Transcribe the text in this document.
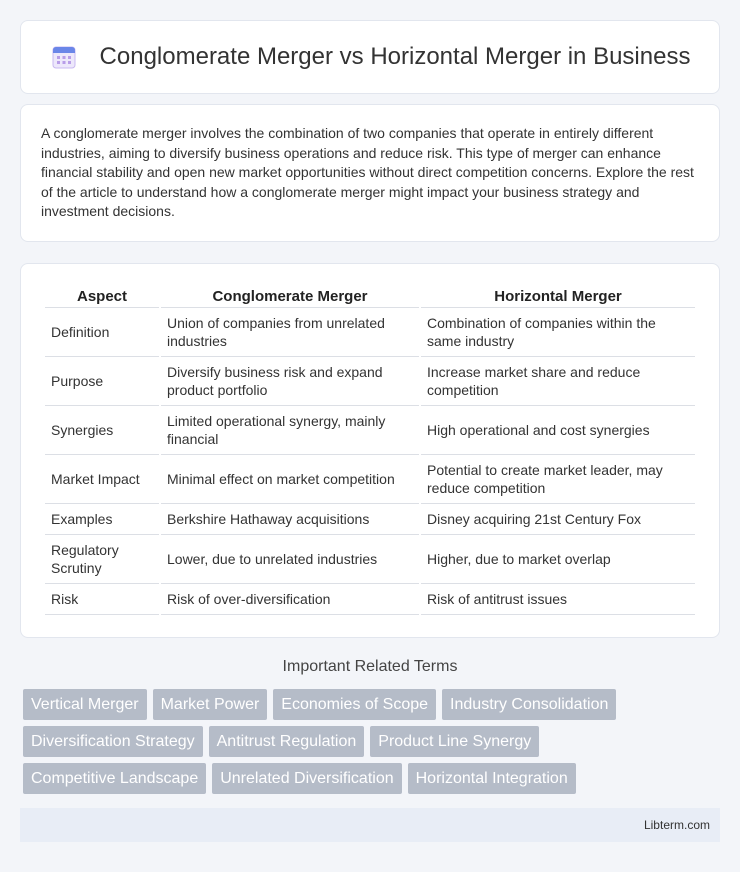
Conglomerate Merger vs Horizontal Merger in Business

A conglomerate merger involves the combination of two companies that operate in entirely different industries, aiming to diversify business operations and reduce risk. This type of merger can enhance financial stability and open new market opportunities without direct competition concerns. Explore the rest of the article to understand how a conglomerate merger might impact your business strategy and investment decisions.

Aspect	Conglomerate Merger	Horizontal Merger
Definition	Union of companies from unrelated industries	Combination of companies within the same industry
Purpose	Diversify business risk and expand product portfolio	Increase market share and reduce competition
Synergies	Limited operational synergy, mainly financial	High operational and cost synergies
Market Impact	Minimal effect on market competition	Potential to create market leader, may reduce competition
Examples	Berkshire Hathaway acquisitions	Disney acquiring 21st Century Fox
Regulatory Scrutiny	Lower, due to unrelated industries	Higher, due to market overlap
Risk	Risk of over-diversification	Risk of antitrust issues
Important Related Terms
Vertical Merger	Market Power	Economies of Scope	Industry Consolidation
Diversification Strategy	Antitrust Regulation	Product Line Synergy
Competitive Landscape	Unrelated Diversification	Horizontal Integration
Libterm.com
